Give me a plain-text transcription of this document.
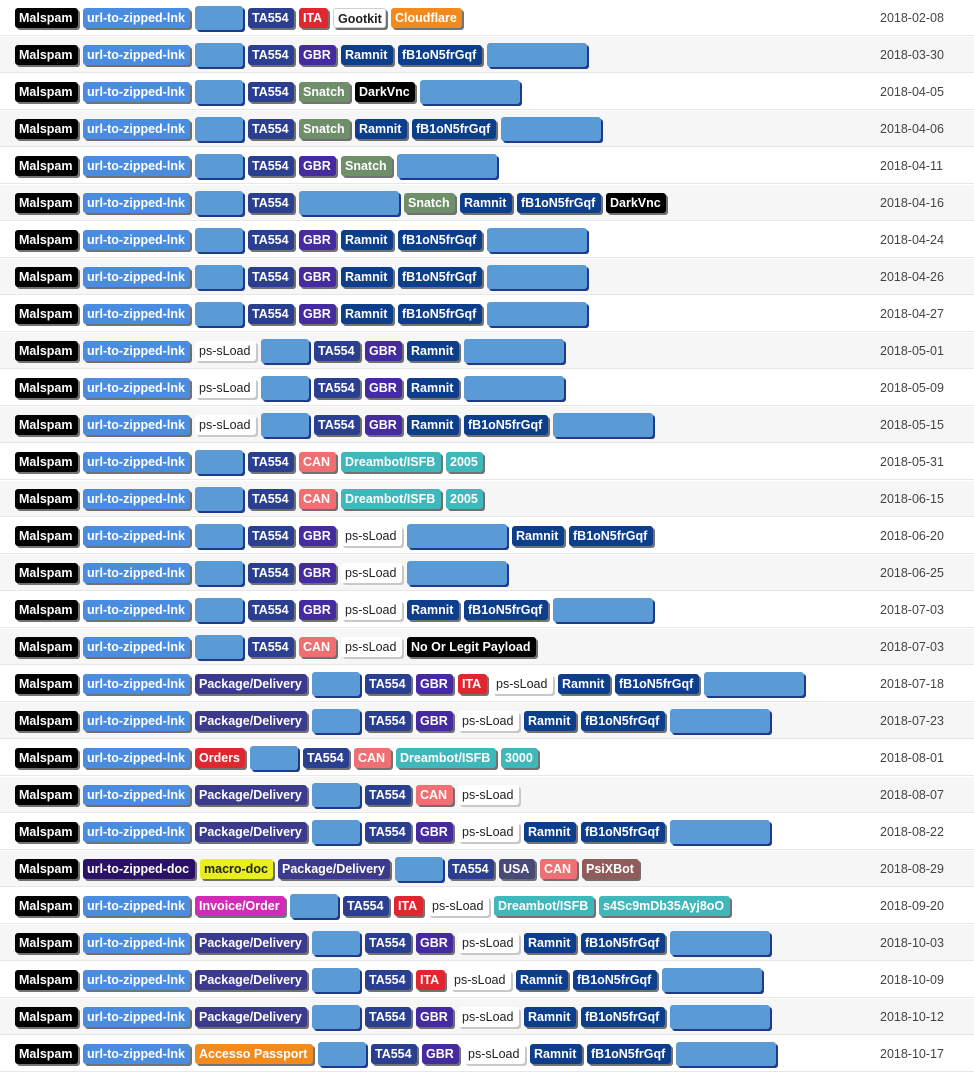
Malspam	url-to-zipped-lnk	TA554	ITA	Gootkit	Cloudflare	2018-02-08
Malspam	url-to-zipped-lnk	TA554	GBR	Ramnit	fB1oN5frGqf	2018-03-30
Malspam	url-to-zipped-lnk	TA554	Snatch	DarkVnc	2018-04-05
Malspam	url-to-zipped-lnk	TA554	Snatch	Ramnit	fB1oN5frGqf	2018-04-06
Malspam	url-to-zipped-lnk	TA554	GBR	Snatch	2018-04-11
Malspam	url-to-zipped-lnk	TA554	Snatch	Ramnit	fB1oN5frGqf	DarkVnc	2018-04-16
Malspam	url-to-zipped-lnk	TA554	GBR	Ramnit	fB1oN5frGqf	2018-04-24
Malspam	url-to-zipped-lnk	TA554	GBR	Ramnit	fB1oN5frGqf	2018-04-26
Malspam	url-to-zipped-lnk	TA554	GBR	Ramnit	fB1oN5frGqf	2018-04-27
Malspam	url-to-zipped-lnk	ps-sLoad	TA554	GBR	Ramnit	2018-05-01
Malspam	url-to-zipped-lnk	ps-sLoad	TA554	GBR	Ramnit	2018-05-09
Malspam	url-to-zipped-lnk	ps-sLoad	TA554	GBR	Ramnit	fB1oN5frGqf	2018-05-15
Malspam	url-to-zipped-lnk	TA554	CAN	Dreambot/ISFB	2005	2018-05-31
Malspam	url-to-zipped-lnk	TA554	CAN	Dreambot/ISFB	2005	2018-06-15
Malspam	url-to-zipped-lnk	TA554	GBR	ps-sLoad	Ramnit	fB1oN5frGqf	2018-06-20
Malspam	url-to-zipped-lnk	TA554	GBR	ps-sLoad	2018-06-25
Malspam	url-to-zipped-lnk	TA554	GBR	ps-sLoad	Ramnit	fB1oN5frGqf	2018-07-03
Malspam	url-to-zipped-lnk	TA554	CAN	ps-sLoad	No Or Legit Payload	2018-07-03
Malspam	url-to-zipped-lnk	Package/Delivery	TA554	GBR	ITA	ps-sLoad	Ramnit	fB1oN5frGqf	2018-07-18
Malspam	url-to-zipped-lnk	Package/Delivery	TA554	GBR	ps-sLoad	Ramnit	fB1oN5frGqf	2018-07-23
Malspam	url-to-zipped-lnk	Orders	TA554	CAN	Dreambot/ISFB	3000	2018-08-01
Malspam	url-to-zipped-lnk	Package/Delivery	TA554	CAN	ps-sLoad	2018-08-07
Malspam	url-to-zipped-lnk	Package/Delivery	TA554	GBR	ps-sLoad	Ramnit	fB1oN5frGqf	2018-08-22
Malspam	url-to-zipped-doc	macro-doc	Package/Delivery	TA554	USA	CAN	PsiXBot	2018-08-29
Malspam	url-to-zipped-lnk	Invoice/Order	TA554	ITA	ps-sLoad	Dreambot/ISFB	s4Sc9mDb35Ayj8oO	2018-09-20
Malspam	url-to-zipped-lnk	Package/Delivery	TA554	GBR	ps-sLoad	Ramnit	fB1oN5frGqf	2018-10-03
Malspam	url-to-zipped-lnk	Package/Delivery	TA554	ITA	ps-sLoad	Ramnit	fB1oN5frGqf	2018-10-09
Malspam	url-to-zipped-lnk	Package/Delivery	TA554	GBR	ps-sLoad	Ramnit	fB1oN5frGqf	2018-10-12
Malspam	url-to-zipped-lnk	Accesso Passport	TA554	GBR	ps-sLoad	Ramnit	fB1oN5frGqf	2018-10-17
